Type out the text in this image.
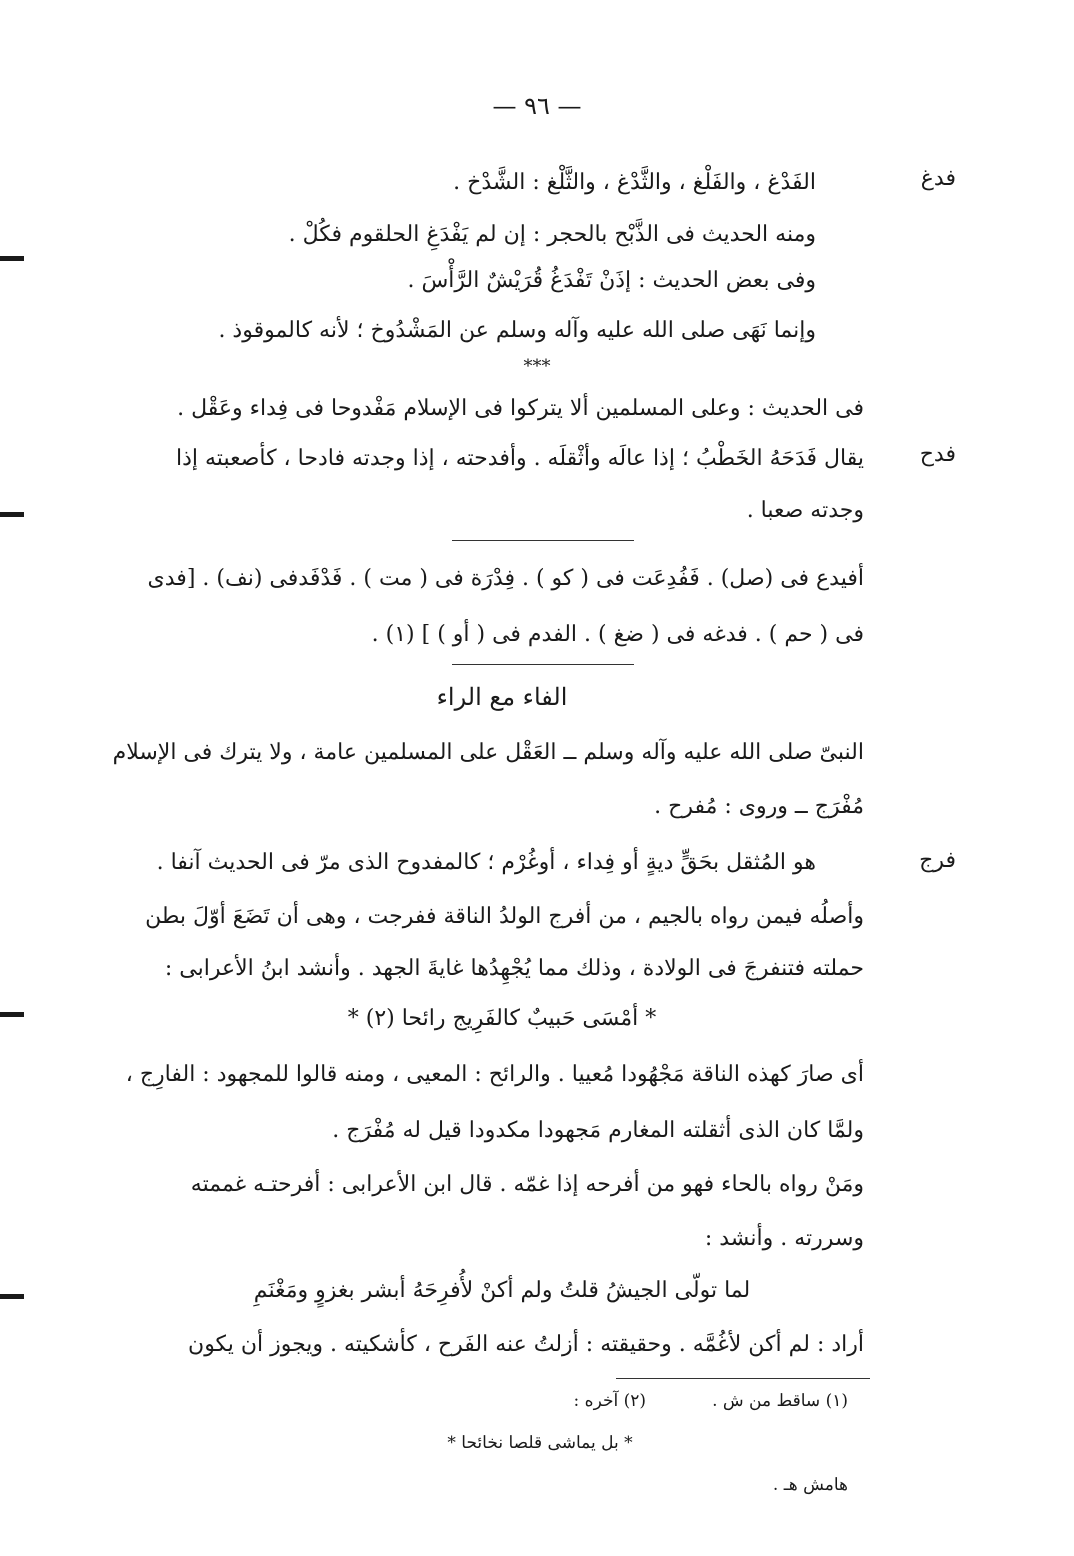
— ٩٦ —
فدغ
الفَدْغ ، والفَلْغ ، والثَّدْغ ، والثَّلْغ : الشَّدْخ .
ومنه الحديث فى الذَّبْح بالحجر : إن لم يَفْدَغِ الحلقوم فكُلْ .
وفى بعض الحديث : إذَنْ تَفْدَغُ قُرَيْشٌ الرَّأْسَ .
وإنما نَهَى صلى الله عليه وآله وسلم عن المَشْدُوخ ؛ لأنه كالموقوذ .
***
فى الحديث : وعلى المسلمين ألا يتركوا فى الإسلام مَفْدوحا فى فِداء وعَقْل .
فدح
يقال فَدَحَهُ الخَطْبُ ؛ إذا عالَه وأثْقلَه . وأفدحته ، إذا وجدته فادحا ، كأصعبته إذا
وجدته صعبا .
أفيدع فى (صل) . فَفُدِعَت فى ( كو ) . فِدْرَة فى ( مت ) . فَدْفَدفى (نف) . [فدى
فى ( حم ) . فدغه فى ( ضغ ) . الفدم فى ( أو ) ] (١) .
الفاء مع الراء
النبىّ صلى الله عليه وآله وسلم ــ العَقْل على المسلمين عامة ، ولا يترك فى الإسلام
مُفْرَج ــ وروى : مُفرح .
فرج
هو المُثقل بحَقٍّ ديةٍ أو فِداء ، أوغُرْم ؛ كالمفدوح الذى مرّ فى الحديث آنفا .
وأصلُه فيمن رواه بالجيم ، من أفرج الولدُ الناقة ففرجت ، وهى أن تَضَعَ أوّلَ بطن
حملته فتنفرجَ فى الولادة ، وذلك مما يُجْهِدُها غايةَ الجهد . وأنشد ابنُ الأعرابى :
* أمْسَى حَبيبٌ كالفَرِيج رائحا (٢) *
أى صارَ كهذه الناقة مَجْهُودا مُعييا . والرائح : المعيى ، ومنه قالوا للمجهود : الفارِج ،
ولمَّا كان الذى أثقلته المغارم مَجهودا مكدودا قيل له مُفْرَج .
ومَنْ رواه بالحاء فهو من أفرحه إذا غمّه . قال ابن الأعرابى : أفرحتـه غممته
وسررته . وأنشد :
لما تولّى الجيشُ قلتُ ولم أكنْ لأُفرِحَهُ أبشر بغزوٍ ومَغْنَمِ
أراد : لم أكن لأغُمَّه . وحقيقته : أزلتُ عنه الفَرح ، كأشكيته . ويجوز أن يكون
(١) ساقط من ش .
(٢) آخره :
* بل يماشى قلصا نخائحا *
هامش هـ .
